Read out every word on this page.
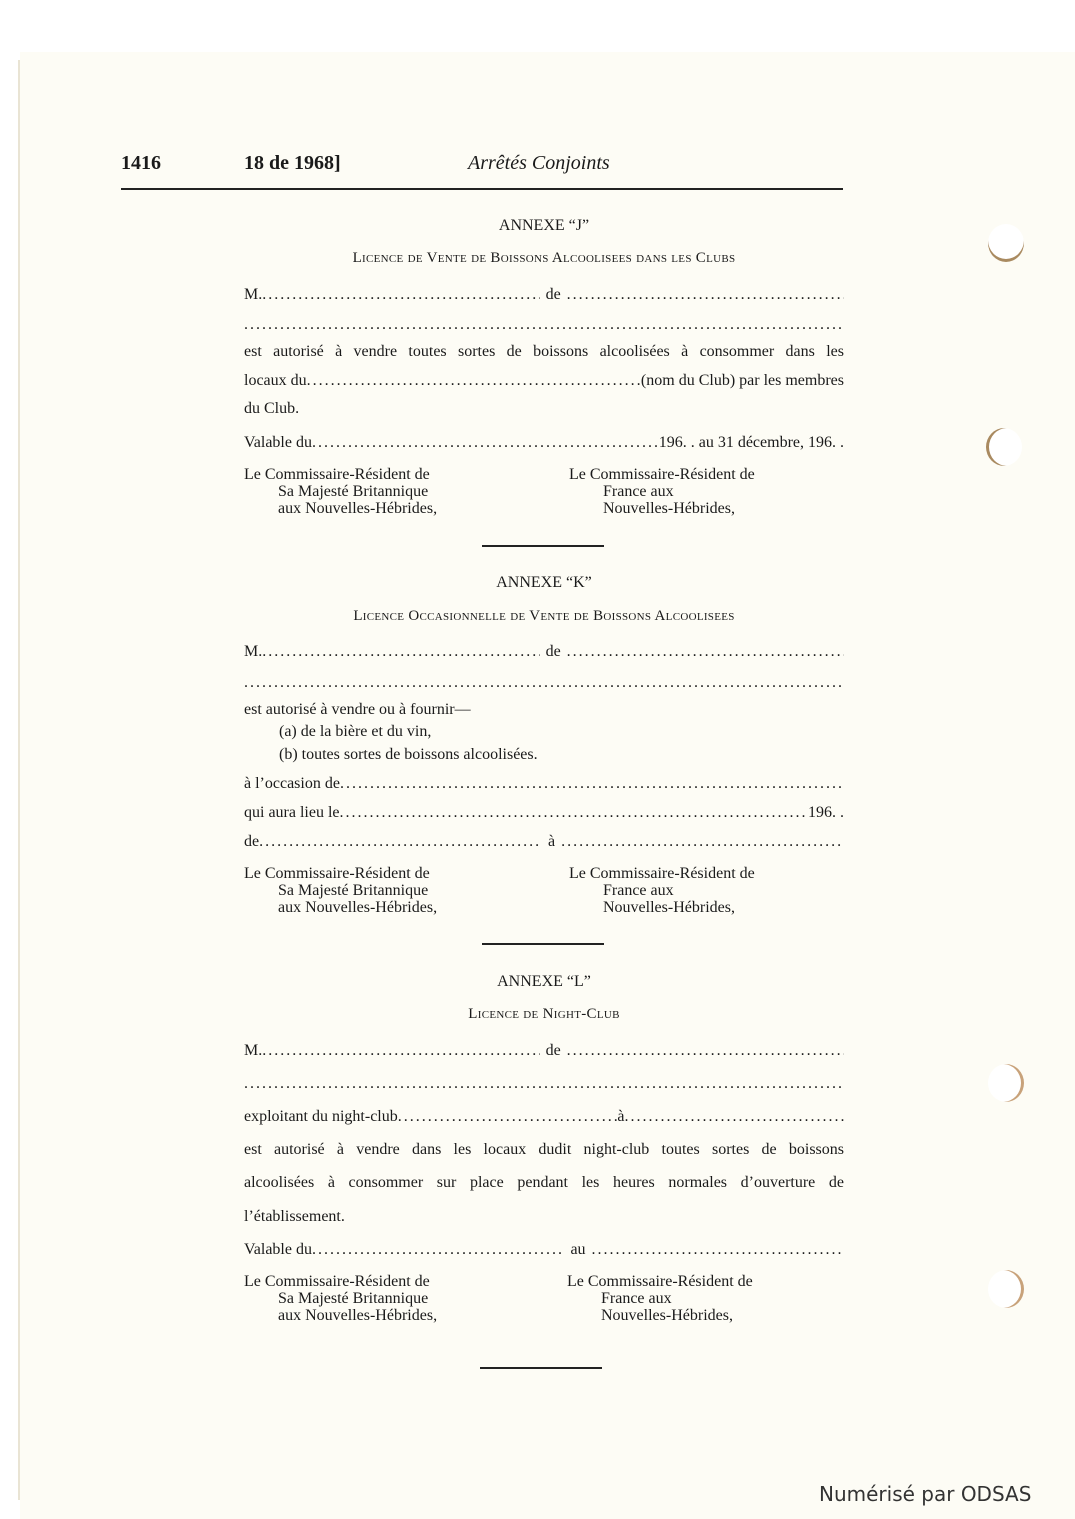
1416	18 de 1968]	Arrêtés Conjoints
ANNEXE “J”
Licence de Vente de Boissons Alcoolisees dans les Clubs
M. .....	de
.....
.....
est autorisé à vendre toutes sortes de boissons alcoolisées à consommer dans les
locaux du .....	(nom du Club) par les membres
du Club.
Valable du .....	196. . au 31 décembre, 196. .
Le Commissaire-Résident de
Sa Majesté Britannique
aux Nouvelles-Hébrides,
Le Commissaire-Résident de
France aux
Nouvelles-Hébrides,
ANNEXE “K”
Licence Occasionnelle de Vente de Boissons Alcoolisees
M. .....	de
.....
.....
est autorisé à vendre ou à fournir—
(a) de la bière et du vin,
(b) toutes sortes de boissons alcoolisées.
à l’occasion de
.....
qui aura lieu le .....	196. .
de .....	à
.....
Le Commissaire-Résident de
Sa Majesté Britannique
aux Nouvelles-Hébrides,
Le Commissaire-Résident de
France aux
Nouvelles-Hébrides,
ANNEXE “L”
Licence de Night-Club
M. .....	de
.....
.....
exploitant du night-club .....	à
.....
est autorisé à vendre dans les locaux dudit night-club toutes sortes de boissons
alcoolisées à consommer sur place pendant les heures normales d’ouverture de
l’établissement.
Valable du .....	au
.....
Le Commissaire-Résident de
Sa Majesté Britannique
aux Nouvelles-Hébrides,
Le Commissaire-Résident de
France aux
Nouvelles-Hébrides,
Numérisé par ODSAS
